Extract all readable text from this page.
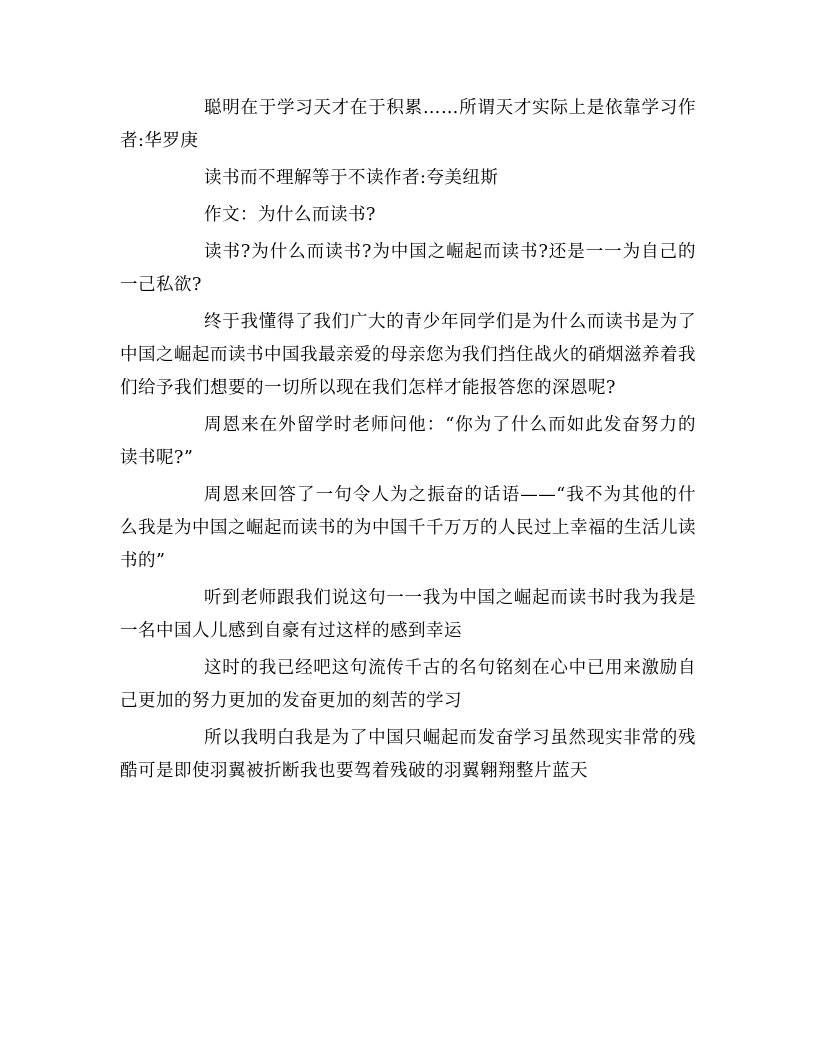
聪明在于学习天才在于积累……所谓天才实际上是依靠学习作者:华罗庚

读书而不理解等于不读作者:夸美纽斯

作文：为什么而读书?

读书?为什么而读书?为中国之崛起而读书?还是一一为自己的一己私欲?

终于我懂得了我们广大的青少年同学们是为什么而读书是为了中国之崛起而读书中国我最亲爱的母亲您为我们挡住战火的硝烟滋养着我们给予我们想要的一切所以现在我们怎样才能报答您的深恩呢?

周恩来在外留学时老师问他：“你为了什么而如此发奋努力的读书呢?”

周恩来回答了一句令人为之振奋的话语——“我不为其他的什么我是为中国之崛起而读书的为中国千千万万的人民过上幸福的生活儿读书的”

听到老师跟我们说这句一一我为中国之崛起而读书时我为我是一名中国人儿感到自豪有过这样的感到幸运

这时的我已经吧这句流传千古的名句铭刻在心中已用来激励自己更加的努力更加的发奋更加的刻苦的学习

所以我明白我是为了中国只崛起而发奋学习虽然现实非常的残酷可是即使羽翼被折断我也要驾着残破的羽翼翱翔整片蓝天
